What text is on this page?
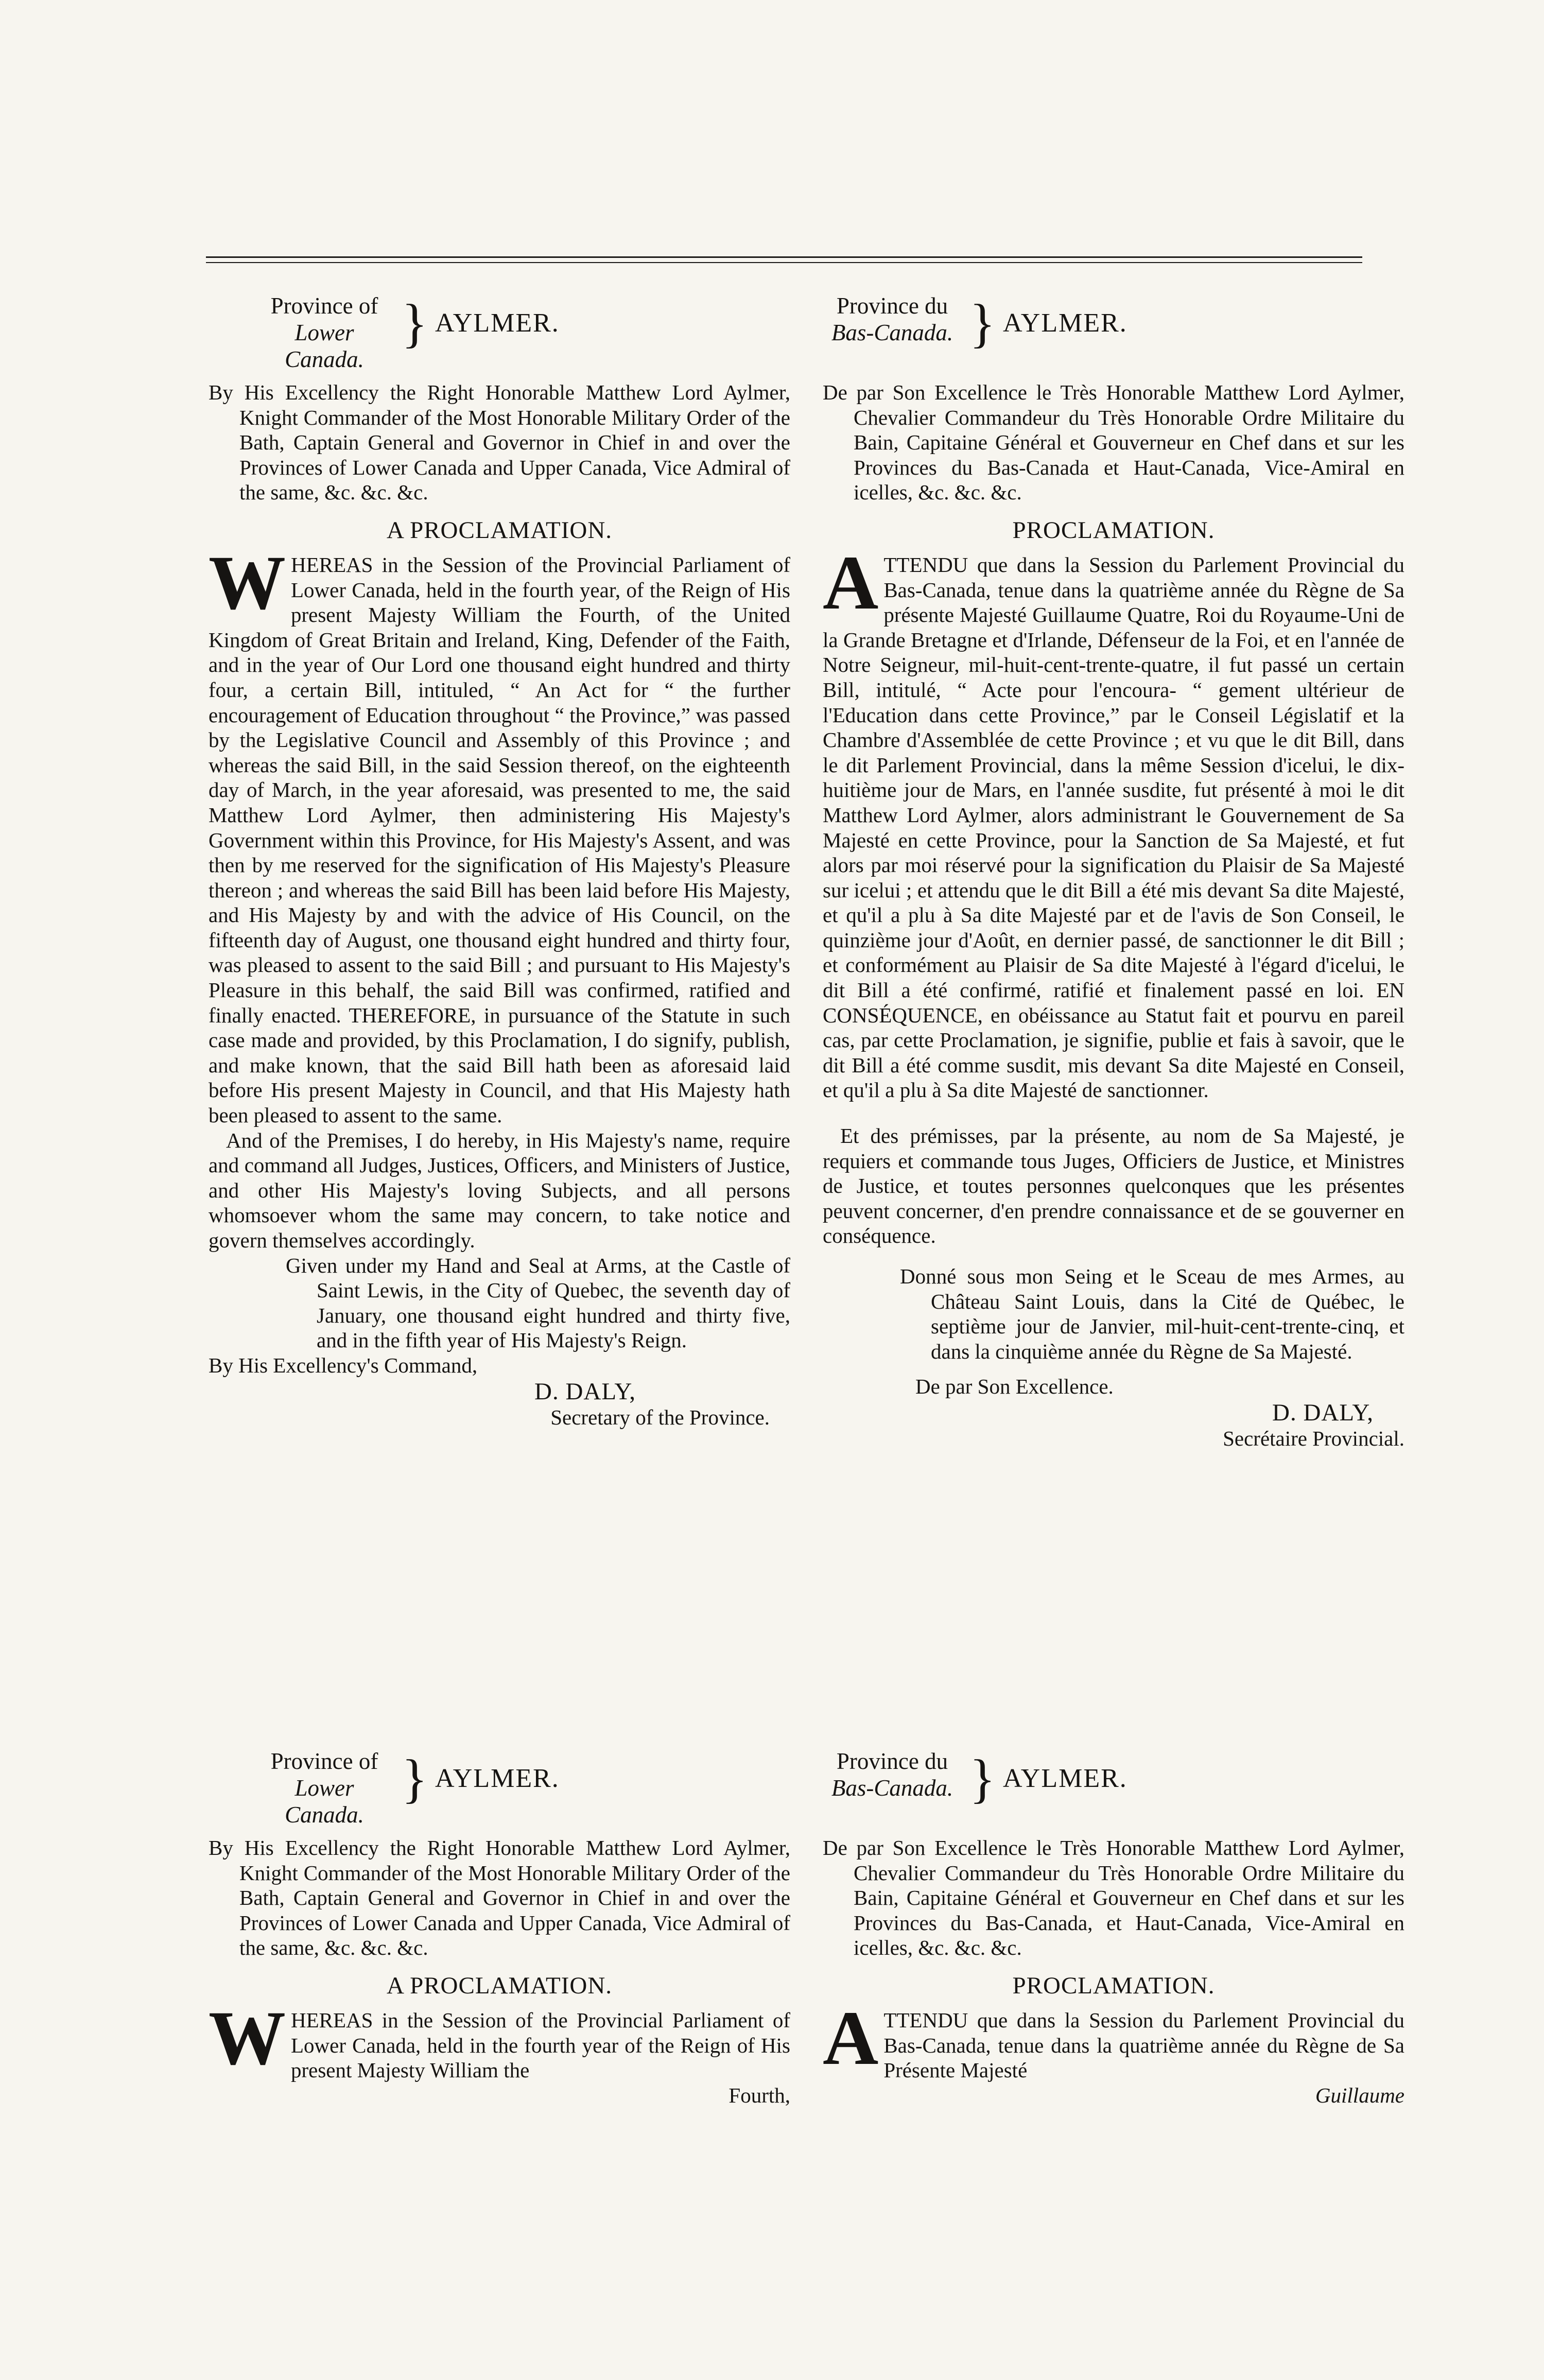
Province of
Lower Canada.
} AYLMER.

By His Excellency the Right Honorable Matthew Lord Aylmer, Knight Commander of the Most Honorable Military Order of the Bath, Captain General and Governor in Chief in and over the Provinces of Lower Canada and Upper Canada, Vice Admiral of the same, &c. &c. &c.

A PROCLAMATION.

W HEREAS in the Session of the Provincial Parliament of Lower Canada, held in the fourth year, of the Reign of His present Majesty William the Fourth, of the United Kingdom of Great Britain and Ireland, King, Defender of the Faith, and in the year of Our Lord one thousand eight hundred and thirty four, a certain Bill, intituled, “ An Act for “ the further encouragement of Education throughout “ the Province,” was passed by the Legislative Council and Assembly of this Province ; and whereas the said Bill, in the said Session thereof, on the eighteenth day of March, in the year aforesaid, was presented to me, the said Matthew Lord Aylmer, then administering His Majesty's Government within this Province, for His Majesty's Assent, and was then by me reserved for the signification of His Majesty's Pleasure thereon ; and whereas the said Bill has been laid before His Majesty, and His Majesty by and with the advice of His Council, on the fifteenth day of August, one thousand eight hundred and thirty four, was pleased to assent to the said Bill ; and pursuant to His Majesty's Pleasure in this behalf, the said Bill was confirmed, ratified and finally enacted. THEREFORE, in pursuance of the Statute in such case made and provided, by this Proclamation, I do signify, publish, and make known, that the said Bill hath been as aforesaid laid before His present Majesty in Council, and that His Majesty hath been pleased to assent to the same.

And of the Premises, I do hereby, in His Majesty's name, require and command all Judges, Justices, Officers, and Ministers of Justice, and other His Majesty's loving Subjects, and all persons whomsoever whom the same may concern, to take notice and govern themselves accordingly.

Given under my Hand and Seal at Arms, at the Castle of Saint Lewis, in the City of Quebec, the seventh day of January, one thousand eight hundred and thirty five, and in the fifth year of His Majesty's Reign.

By His Excellency's Command,

D. DALY,

Secretary of the Province.

Province of
Lower Canada.
} AYLMER.

By His Excellency the Right Honorable Matthew Lord Aylmer, Knight Commander of the Most Honorable Military Order of the Bath, Captain General and Governor in Chief in and over the Provinces of Lower Canada and Upper Canada, Vice Admiral of the same, &c. &c. &c.

A PROCLAMATION.

W HEREAS in the Session of the Provincial Parliament of Lower Canada, held in the fourth year of the Reign of His present Majesty William the

Fourth,

Province du
Bas-Canada. } AYLMER.

De par Son Excellence le Très Honorable Matthew Lord Aylmer, Chevalier Commandeur du Très Honorable Ordre Militaire du Bain, Capitaine Général et Gouverneur en Chef dans et sur les Provinces du Bas-Canada et Haut-Canada, Vice-Amiral en icelles, &c. &c. &c.

PROCLAMATION.

A TTENDU que dans la Session du Parlement Provincial du Bas-Canada, tenue dans la quatrième année du Règne de Sa présente Majesté Guillaume Quatre, Roi du Royaume-Uni de la Grande Bretagne et d'Irlande, Défenseur de la Foi, et en l'année de Notre Seigneur, mil-huit-cent-trente-quatre, il fut passé un certain Bill, intitulé, “ Acte pour l'encoura- “ gement ultérieur de l'Education dans cette Province,” par le Conseil Législatif et la Chambre d'Assemblée de cette Province ; et vu que le dit Bill, dans le dit Parlement Provincial, dans la même Session d'icelui, le dix-huitième jour de Mars, en l'année susdite, fut présenté à moi le dit Matthew Lord Aylmer, alors administrant le Gouvernement de Sa Majesté en cette Province, pour la Sanction de Sa Majesté, et fut alors par moi réservé pour la signification du Plaisir de Sa Majesté sur icelui ; et attendu que le dit Bill a été mis devant Sa dite Majesté, et qu'il a plu à Sa dite Majesté par et de l'avis de Son Conseil, le quinzième jour d'Août, en dernier passé, de sanctionner le dit Bill ; et conformément au Plaisir de Sa dite Majesté à l'égard d'icelui, le dit Bill a été confirmé, ratifié et finalement passé en loi. EN CONSÉQUENCE, en obéissance au Statut fait et pourvu en pareil cas, par cette Proclamation, je signifie, publie et fais à savoir, que le dit Bill a été comme susdit, mis devant Sa dite Majesté en Conseil, et qu'il a plu à Sa dite Majesté de sanctionner.

Et des prémisses, par la présente, au nom de Sa Majesté, je requiers et commande tous Juges, Officiers de Justice, et Ministres de Justice, et toutes personnes quelconques que les présentes peuvent concerner, d'en prendre connaissance et de se gouverner en conséquence.

Donné sous mon Seing et le Sceau de mes Armes, au Château Saint Louis, dans la Cité de Québec, le septième jour de Janvier, mil-huit-cent-trente-cinq, et dans la cinquième année du Règne de Sa Majesté.

De par Son Excellence.

D. DALY,

Secrétaire Provincial.

Province du
Bas-Canada. } AYLMER.

De par Son Excellence le Très Honorable Matthew Lord Aylmer, Chevalier Commandeur du Très Honorable Ordre Militaire du Bain, Capitaine Général et Gouverneur en Chef dans et sur les Provinces du Bas-Canada, et Haut-Canada, Vice-Amiral en icelles, &c. &c. &c.

PROCLAMATION.

A TTENDU que dans la Session du Parlement Provincial du Bas-Canada, tenue dans la quatrième année du Règne de Sa Présente Majesté

Guillaume
